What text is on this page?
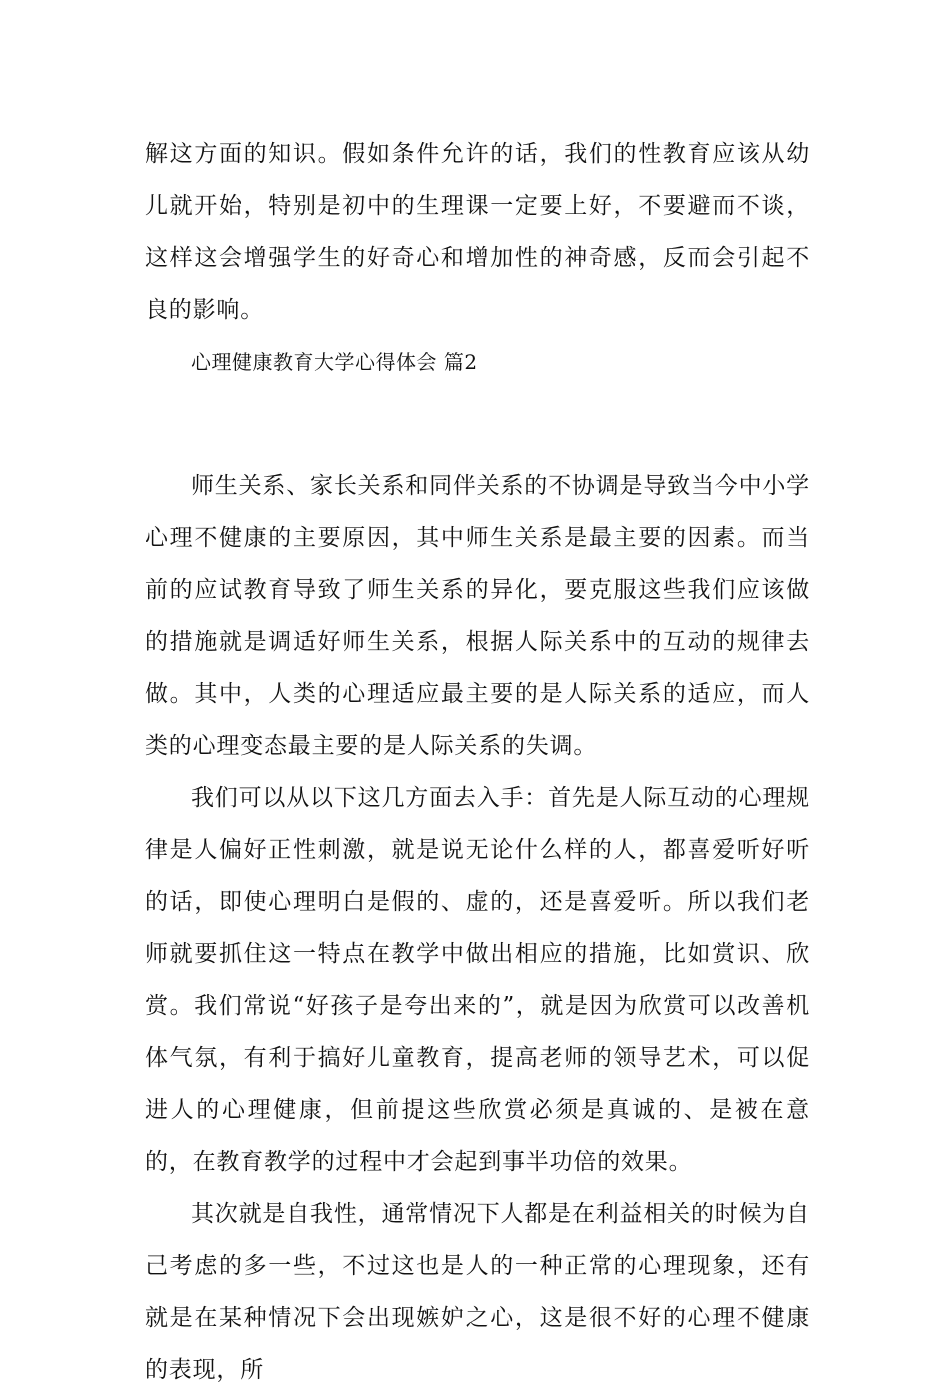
解这方面的知识。假如条件允许的话，我们的性教育应该从幼儿就开始，特别是初中的生理课一定要上好，不要避而不谈，这样这会增强学生的好奇心和增加性的神奇感，反而会引起不良的影响。

心理健康教育大学心得体会 篇2

师生关系、家长关系和同伴关系的不协调是导致当今中小学心理不健康的主要原因，其中师生关系是最主要的因素。而当前的应试教育导致了师生关系的异化，要克服这些我们应该做的措施就是调适好师生关系，根据人际关系中的互动的规律去做。其中，人类的心理适应最主要的是人际关系的适应，而人类的心理变态最主要的是人际关系的失调。

我们可以从以下这几方面去入手：首先是人际互动的心理规律是人偏好正性刺激，就是说无论什么样的人，都喜爱听好听的话，即使心理明白是假的、虚的，还是喜爱听。所以我们老师就要抓住这一特点在教学中做出相应的措施，比如赏识、欣赏。我们常说“好孩子是夸出来的”，就是因为欣赏可以改善机体气氛，有利于搞好儿童教育，提高老师的领导艺术，可以促进人的心理健康，但前提这些欣赏必须是真诚的、是被在意的，在教育教学的过程中才会起到事半功倍的效果。

其次就是自我性，通常情况下人都是在利益相关的时候为自己考虑的多一些，不过这也是人的一种正常的心理现象，还有就是在某种情况下会出现嫉妒之心，这是很不好的心理不健康的表现，所
